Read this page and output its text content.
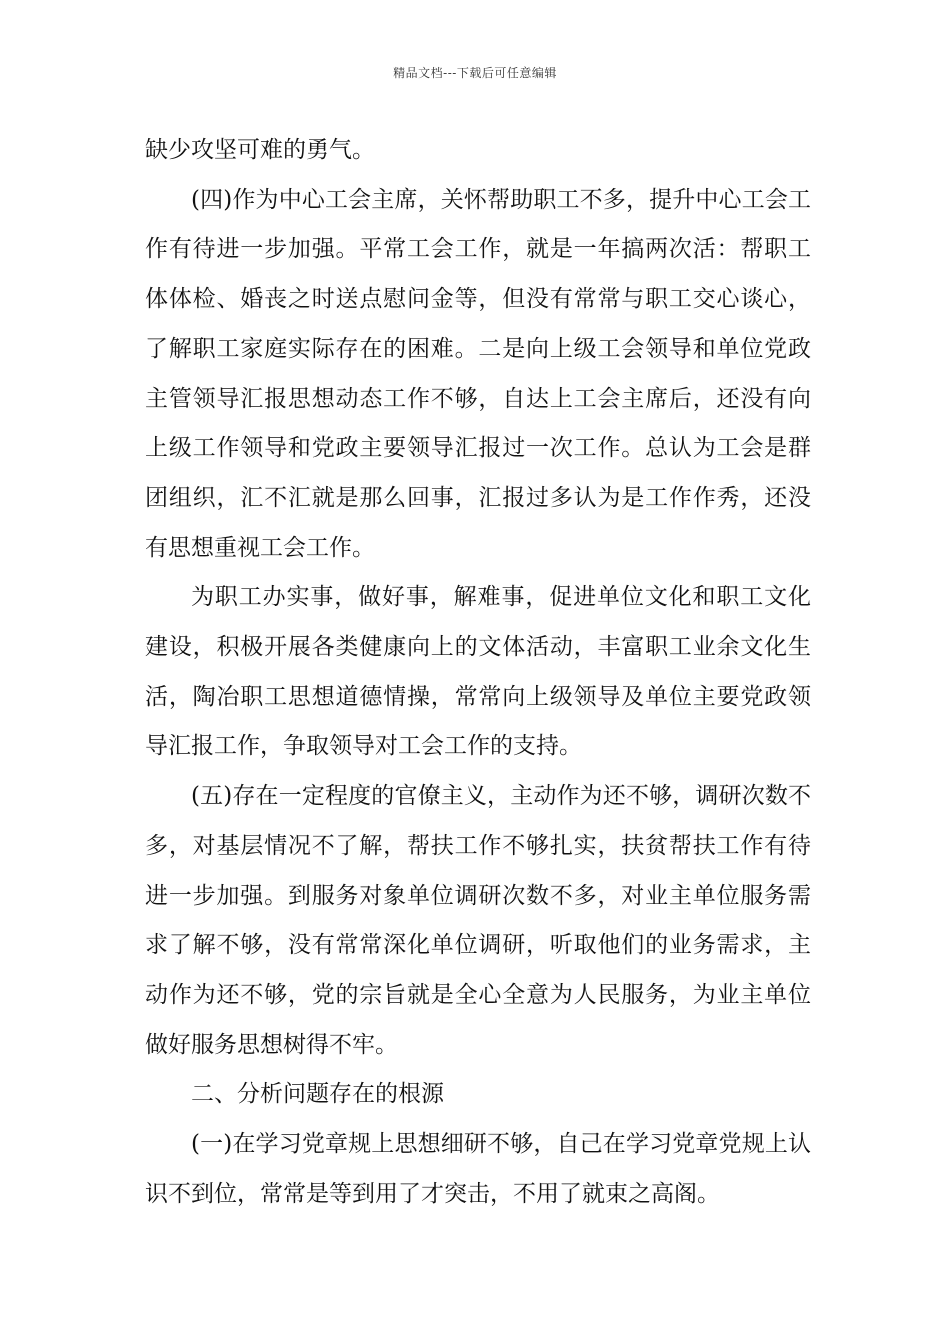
精品文档---下载后可任意编辑

缺少攻坚可难的勇气。

(四)作为中心工会主席，关怀帮助职工不多，提升中心工会工作有待进一步加强。平常工会工作，就是一年搞两次活：帮职工体体检、婚丧之时送点慰问金等，但没有常常与职工交心谈心，了解职工家庭实际存在的困难。二是向上级工会领导和单位党政主管领导汇报思想动态工作不够，自达上工会主席后，还没有向上级工作领导和党政主要领导汇报过一次工作。总认为工会是群团组织，汇不汇就是那么回事，汇报过多认为是工作作秀，还没有思想重视工会工作。

为职工办实事，做好事，解难事，促进单位文化和职工文化建设，积极开展各类健康向上的文体活动，丰富职工业余文化生活，陶冶职工思想道德情操，常常向上级领导及单位主要党政领导汇报工作，争取领导对工会工作的支持。

(五)存在一定程度的官僚主义，主动作为还不够，调研次数不多，对基层情况不了解，帮扶工作不够扎实，扶贫帮扶工作有待进一步加强。到服务对象单位调研次数不多，对业主单位服务需求了解不够，没有常常深化单位调研，听取他们的业务需求，主动作为还不够，党的宗旨就是全心全意为人民服务，为业主单位做好服务思想树得不牢。

二、分析问题存在的根源

(一)在学习党章规上思想细研不够，自己在学习党章党规上认识不到位，常常是等到用了才突击，不用了就束之高阁。
